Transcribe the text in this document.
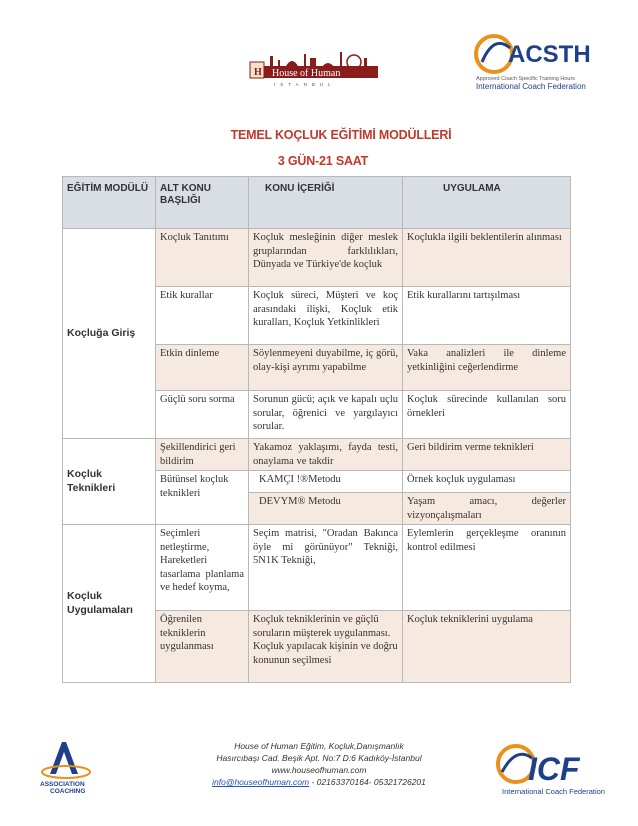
H House of Human
ISTANBUL
ACSTH
Approved Coach Specific Training Hours
International Coach Federation
TEMEL KOÇLUK EĞİTİMİ MODÜLLERİ
3 GÜN-21 SAAT
EĞİTİM MODÜLÜ	ALT KONU BAŞLIĞI	KONU İÇERİĞİ	UYGULAMA
Koçluğa Giriş	Koçluk Tanıtımı	Koçluk mesleğinin diğer meslek gruplarından farklılıkları, Dünyada ve Türkiye'de koçluk	Koçlukla ilgili beklentilerin alınması
	Etik kurallar	Koçluk süreci, Müşteri ve koç arasındaki ilişki, Koçluk etik kuralları, Koçluk Yetkinlikleri	Etik kurallarını tartışılması
	Etkin dinleme	Söylenmeyeni duyabilme, iç görü, olay-kişi ayrımı yapabilme	Vaka analizleri ile dinleme yetkinliğini ceğerlendirme
	Güçlü soru sorma	Sorunun gücü; açık ve kapalı uçlu sorular, öğrenici ve yargılayıcı sorular.	Koçluk sürecinde kullanılan soru örnekleri
Koçluk Teknikleri	Şekillendirici geri bildirim	Yakamoz yaklaşımı, fayda testi, onaylama ve takdir	Geri bildirim verme teknikleri
	Bütünsel koçluk teknikleri	KAMÇI !®Metodu	Örnek koçluk uygulaması
		DEVYM® Metodu	Yaşam amacı, değerler vizyonçalışmaları
Koçluk Uygulamaları	Seçimleri netleştirme, Hareketleri tasarlama planlama ve hedef koyma,	Seçim matrisi, "Oradan Bakınca öyle mi görünüyor" Tekniği, 5N1K Tekniği,	Eylemlerin gerçekleşme oranının kontrol edilmesi
	Öğrenilen tekniklerin uygulanması	Koçluk tekniklerinin ve güçlü soruların müşterek uygulanması. Koçluk yapılacak kişinin ve doğru konunun seçilmesi	Koçluk tekniklerini uygulama
ASSOCIATION
COACHING
House of Human Eğitim, Koçluk,Danışmanlık
Hasırcıbaşı Cad. Beşik Apt. No:7 D:6 Kadıköy-İstanbul
www.houseofhuman.com
info@houseofhuman.com - 02163370164- 05321726201	ICF
International Coach Federation
